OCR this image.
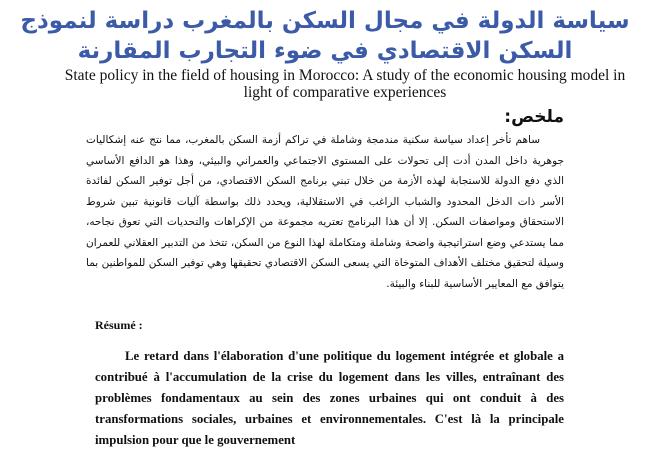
سياسة الدولة في مجال السكن بالمغرب دراسة لنموذج
السكن الاقتصادي في ضوء التجارب المقارنة
State policy in the field of housing in Morocco: A study of the economic housing model in light of comparative experiences
ملخص:

ساهم تأخر إعداد سياسة سكنية مندمجة وشاملة في تراكم أزمة السكن بالمغرب، مما نتج عنه إشكاليات جوهرية داخل المدن أدت إلى تحولات على المستوى الاجتماعي والعمراني والبيئي، وهذا هو الدافع الأساسي الذي دفع الدولة للاستجابة لهذه الأزمة من خلال تبني برنامج السكن الاقتصادي، من أجل توفير السكن لفائدة الأسر ذات الدخل المحدود والشباب الراغب في الاستقلالية، ويحدد ذلك بواسطة آليات قانونية تبين شروط الاستحقاق ومواصفات السكن. إلا أن هذا البرنامج تعتريه مجموعة من الإكراهات والتحديات التي تعوق نجاحه، مما يستدعي وضع استراتيجية واضحة وشاملة ومتكاملة لهذا النوع من السكن، تتخذ من التدبير العقلاني للعمران وسيلة لتحقيق مختلف الأهداف المتوخاة التي يسعى السكن الاقتصادي تحقيقها وهي توفير السكن للمواطنين بما يتوافق مع المعايير الأساسية للبناء والبيئة.

Résumé :

Le retard dans l'élaboration d'une politique du logement intégrée et globale a contribué à l'accumulation de la crise du logement dans les villes, entraînant des problèmes fondamentaux au sein des zones urbaines qui ont conduit à des transformations sociales, urbaines et environnementales. C'est là la principale impulsion pour que le gouvernement
